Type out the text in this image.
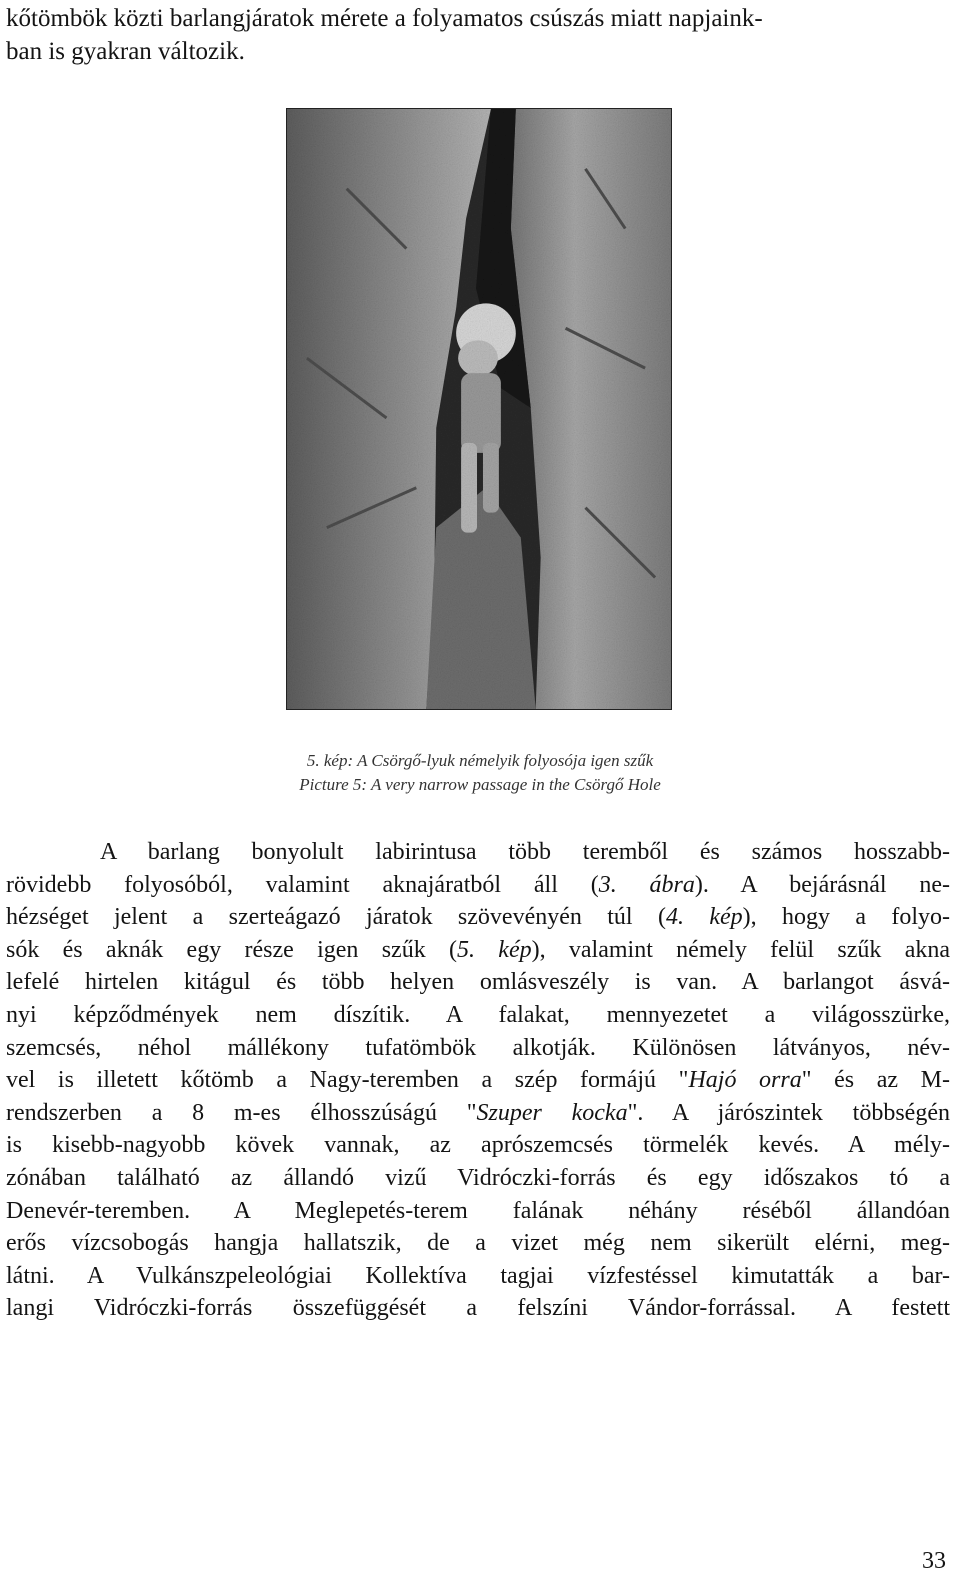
kőtömbök közti barlangjáratok mérete a folyamatos csúszás miatt napjaink-
ban is gyakran változik.

5. kép: A Csörgő-lyuk némelyik folyosója igen szűk
Picture 5: A very narrow passage in the Csörgő Hole
A barlang bonyolult labirintusa több teremből és számos hosszabb-
rövidebb folyosóból, valamint aknajáratból áll (3. ábra). A bejárásnál ne-
hézséget jelent a szerteágazó járatok szövevényén túl (4. kép), hogy a folyo-
sók és aknák egy része igen szűk (5. kép), valamint némely felül szűk akna
lefelé hirtelen kitágul és több helyen omlásveszély is van. A barlangot ásvá-
nyi képződmények nem díszítik. A falakat, mennyezetet a világosszürke,
szemcsés, néhol mállékony tufatömbök alkotják. Különösen látványos, név-
vel is illetett kőtömb a Nagy-teremben a szép formájú "Hajó orra" és az M-
rendszerben a 8 m-es élhosszúságú "Szuper kocka". A járószintek többségén
is kisebb-nagyobb kövek vannak, az aprószemcsés törmelék kevés. A mély-
zónában található az állandó vizű Vidróczki-forrás és egy időszakos tó a
Denevér-teremben. A Meglepetés-terem falának néhány réséből állandóan
erős vízcsobogás hangja hallatszik, de a vizet még nem sikerült elérni, meg-
látni. A Vulkánszpeleológiai Kollektíva tagjai vízfestéssel kimutatták a bar-
langi Vidróczki-forrás összefüggését a felszíni Vándor-forrással. A festett
33
